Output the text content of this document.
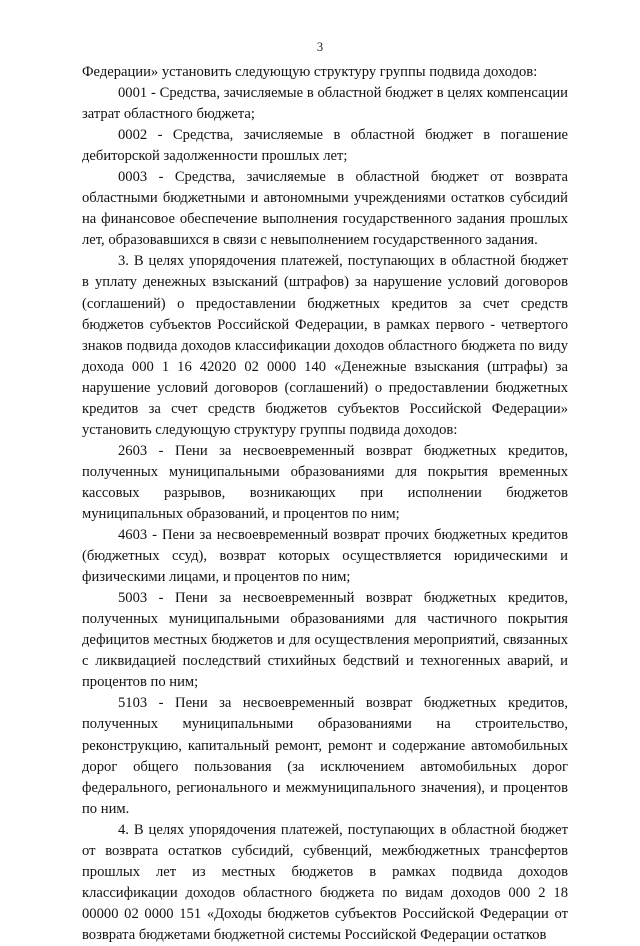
3

Федерации» установить следующую структуру группы подвида доходов:

0001 - Средства, зачисляемые в областной бюджет в целях компенсации затрат областного бюджета;

0002 - Средства, зачисляемые в областной бюджет в погашение дебиторской задолженности прошлых лет;

0003 - Средства, зачисляемые в областной бюджет от возврата областными бюджетными и автономными учреждениями остатков субсидий на финансовое обеспечение выполнения государственного задания прошлых лет, образовавшихся в связи с невыполнением государственного задания.

3. В целях упорядочения платежей, поступающих в областной бюджет в уплату денежных взысканий (штрафов) за нарушение условий договоров (соглашений) о предоставлении бюджетных кредитов за счет средств бюджетов субъектов Российской Федерации, в рамках первого - четвертого знаков подвида доходов классификации доходов областного бюджета по виду дохода 000 1 16 42020 02 0000 140 «Денежные взыскания (штрафы) за нарушение условий договоров (соглашений) о предоставлении бюджетных кредитов за счет средств бюджетов субъектов Российской Федерации» установить следующую структуру группы подвида доходов:

2603 - Пени за несвоевременный возврат бюджетных кредитов, полученных муниципальными образованиями для покрытия временных кассовых разрывов, возникающих при исполнении бюджетов муниципальных образований, и процентов по ним;

4603 - Пени за несвоевременный возврат прочих бюджетных кредитов (бюджетных ссуд), возврат которых осуществляется юридическими и физическими лицами, и процентов по ним;

5003 - Пени за несвоевременный возврат бюджетных кредитов, полученных муниципальными образованиями для частичного покрытия дефицитов местных бюджетов и для осуществления мероприятий, связанных с ликвидацией последствий стихийных бедствий и техногенных аварий, и процентов по ним;

5103 - Пени за несвоевременный возврат бюджетных кредитов, полученных муниципальными образованиями на строительство, реконструкцию, капитальный ремонт, ремонт и содержание автомобильных дорог общего пользования (за исключением автомобильных дорог федерального, регионального и межмуниципального значения), и процентов по ним.

4. В целях упорядочения платежей, поступающих в областной бюджет от возврата остатков субсидий, субвенций, межбюджетных трансфертов прошлых лет из местных бюджетов в рамках подвида доходов классификации доходов областного бюджета по видам доходов 000 2 18 00000 02 0000 151 «Доходы бюджетов субъектов Российской Федерации от возврата бюджетами бюджетной системы Российской Федерации остатков
